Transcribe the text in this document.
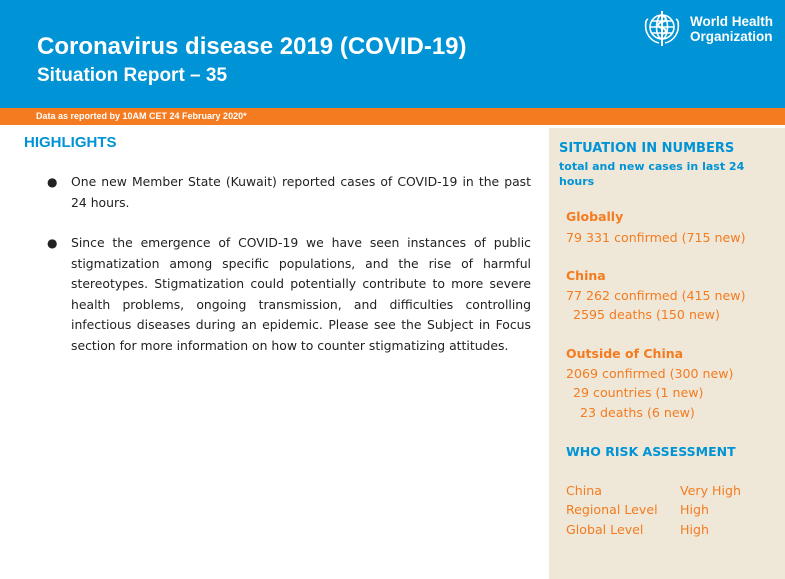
Coronavirus disease 2019 (COVID-19)
Situation Report – 35
World Health
Organization
Data as reported by 10AM CET 24 February 2020*
HIGHLIGHTS
● One new Member State (Kuwait) reported cases of COVID-19 in the past 24 hours.
● Since the emergence of COVID-19 we have seen instances of public stigmatization among specific populations, and the rise of harmful stereotypes. Stigmatization could potentially contribute to more severe health problems, ongoing transmission, and difficulties controlling infectious diseases during an epidemic. Please see the Subject in Focus section for more information on how to counter stigmatizing attitudes.
SITUATION IN NUMBERS
total and new cases in last 24 hours
Globally
79 331 confirmed (715 new)
China
77 262 confirmed (415 new)
2595 deaths (150 new)
Outside of China
2069 confirmed (300 new)
29 countries (1 new)
23 deaths (6 new)
WHO RISK ASSESSMENT
China	Very High
Regional Level High
Global Level	High
